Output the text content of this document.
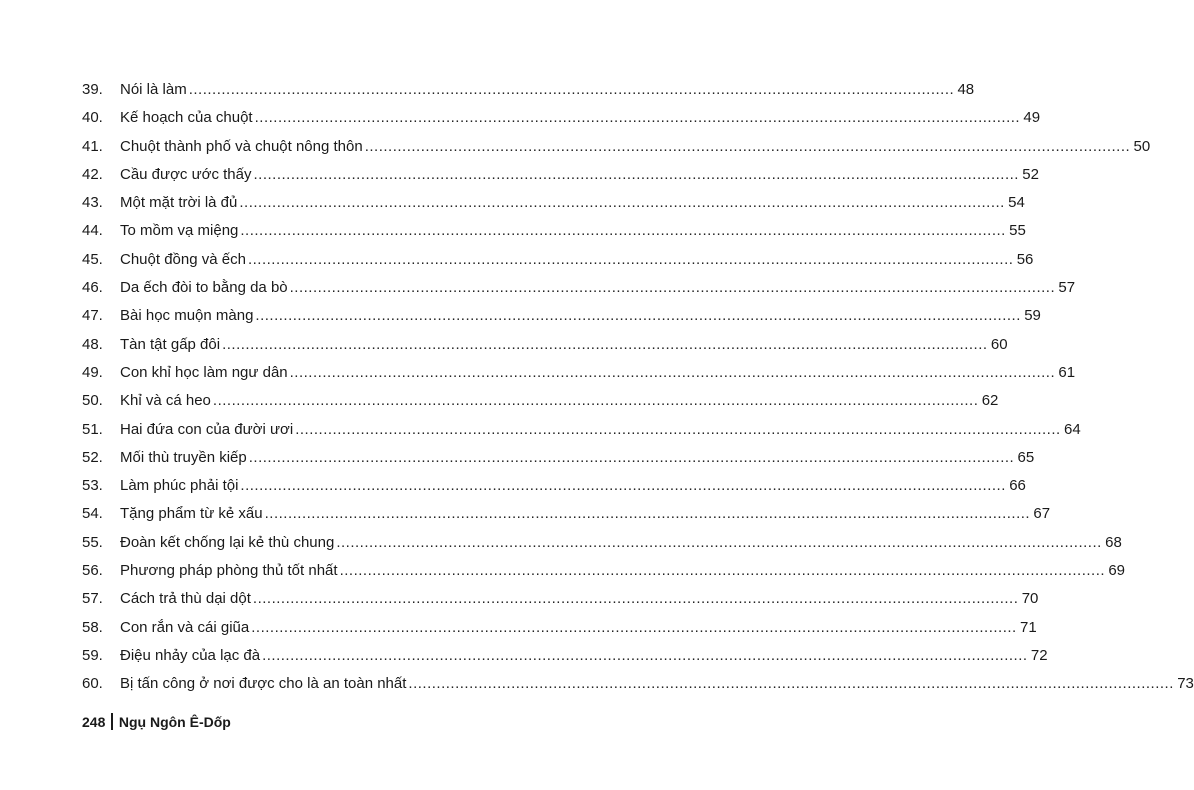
39.	Nói là làm .....	48
40.	Kế hoạch của chuột .....	49
41.	Chuột thành phố và chuột nông thôn .....	50
42.	Cầu được ước thấy .....	52
43.	Một mặt trời là đủ .....	54
44.	To mồm vạ miệng .....	55
45.	Chuột đồng và ếch .....	56
46.	Da ếch đòi to bằng da bò .....	57
47.	Bài học muộn màng .....	59
48.	Tàn tật gấp đôi .....	60
49.	Con khỉ học làm ngư dân .....	61
50.	Khỉ và cá heo .....	62
51.	Hai đứa con của đười ươi .....	64
52.	Mối thù truyền kiếp .....	65
53.	Làm phúc phải tội .....	66
54.	Tặng phẩm từ kẻ xấu .....	67
55.	Đoàn kết chống lại kẻ thù chung .....	68
56.	Phương pháp phòng thủ tốt nhất .....	69
57.	Cách trả thù dại dột .....	70
58.	Con rắn và cái giũa .....	71
59.	Điệu nhảy của lạc đà .....	72
60.	Bị tấn công ở nơi được cho là an toàn nhất .....	73
248 Ngụ Ngôn Ê-Dốp
